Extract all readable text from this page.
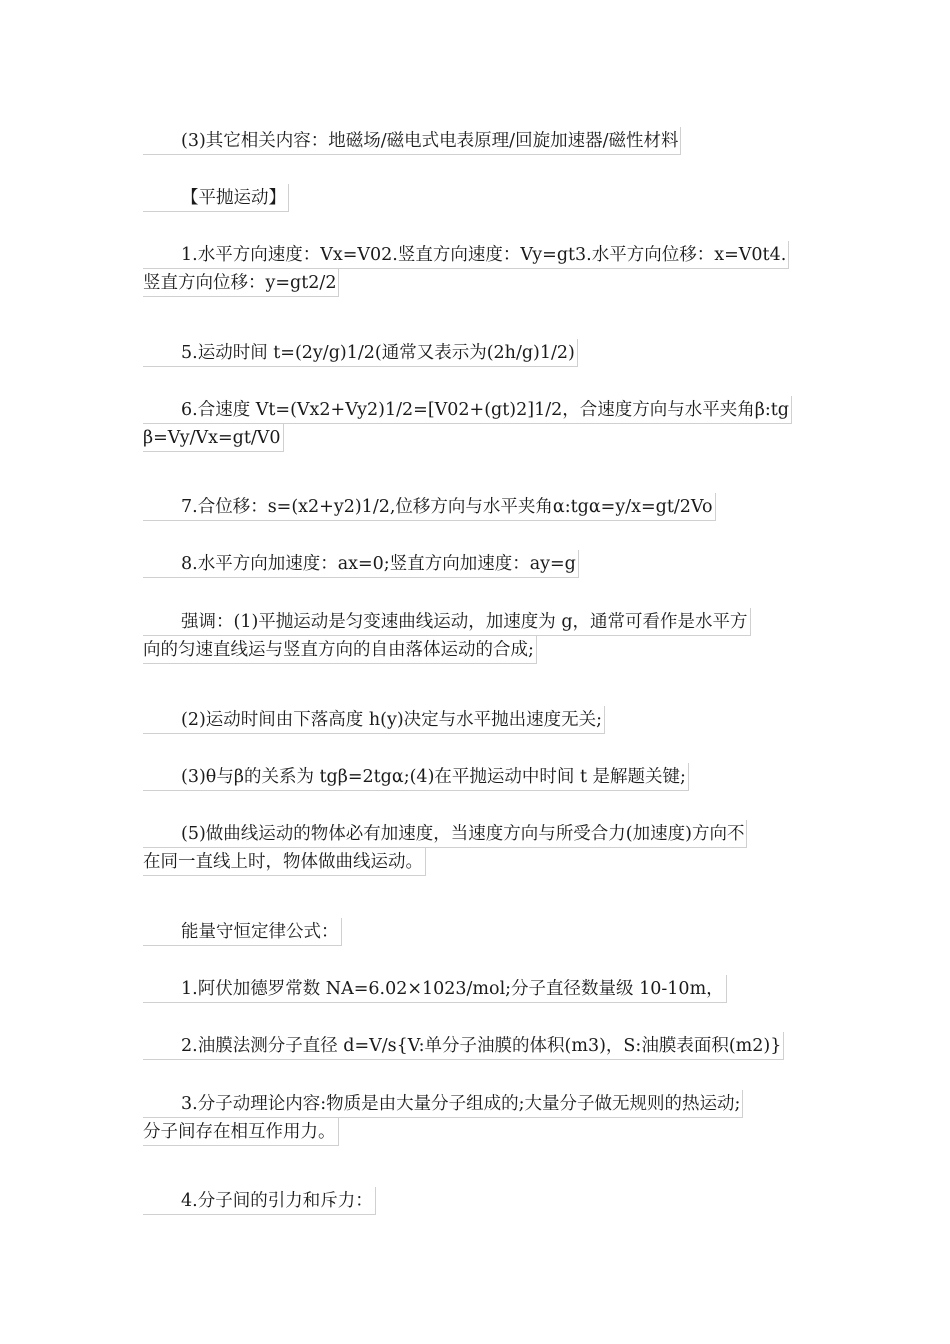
(3)其它相关内容：地磁场/磁电式电表原理/回旋加速器/磁性材料
【平抛运动】
1.水平方向速度：Vx=V02.竖直方向速度：Vy=gt3.水平方向位移：x=V0t4.
竖直方向位移：y=gt2/2
5.运动时间 t=(2y/g)1/2(通常又表示为(2h/g)1/2)
6.合速度 Vt=(Vx2+Vy2)1/2=[V02+(gt)2]1/2，合速度方向与水平夹角β:tg
β=Vy/Vx=gt/V0
7.合位移：s=(x2+y2)1/2,位移方向与水平夹角α:tgα=y/x=gt/2Vo
8.水平方向加速度：ax=0;竖直方向加速度：ay=g
强调：(1)平抛运动是匀变速曲线运动，加速度为 g，通常可看作是水平方
向的匀速直线运与竖直方向的自由落体运动的合成;
(2)运动时间由下落高度 h(y)决定与水平抛出速度无关;
(3)θ与β的关系为 tgβ=2tgα;(4)在平抛运动中时间 t 是解题关键;
(5)做曲线运动的物体必有加速度，当速度方向与所受合力(加速度)方向不
在同一直线上时，物体做曲线运动。
能量守恒定律公式：
1.阿伏加德罗常数 NA=6.02×1023/mol;分子直径数量级 10-10m，
2.油膜法测分子直径 d=V/s{V:单分子油膜的体积(m3)，S:油膜表面积(m2)}
3.分子动理论内容:物质是由大量分子组成的;大量分子做无规则的热运动;
分子间存在相互作用力。
4.分子间的引力和斥力：
